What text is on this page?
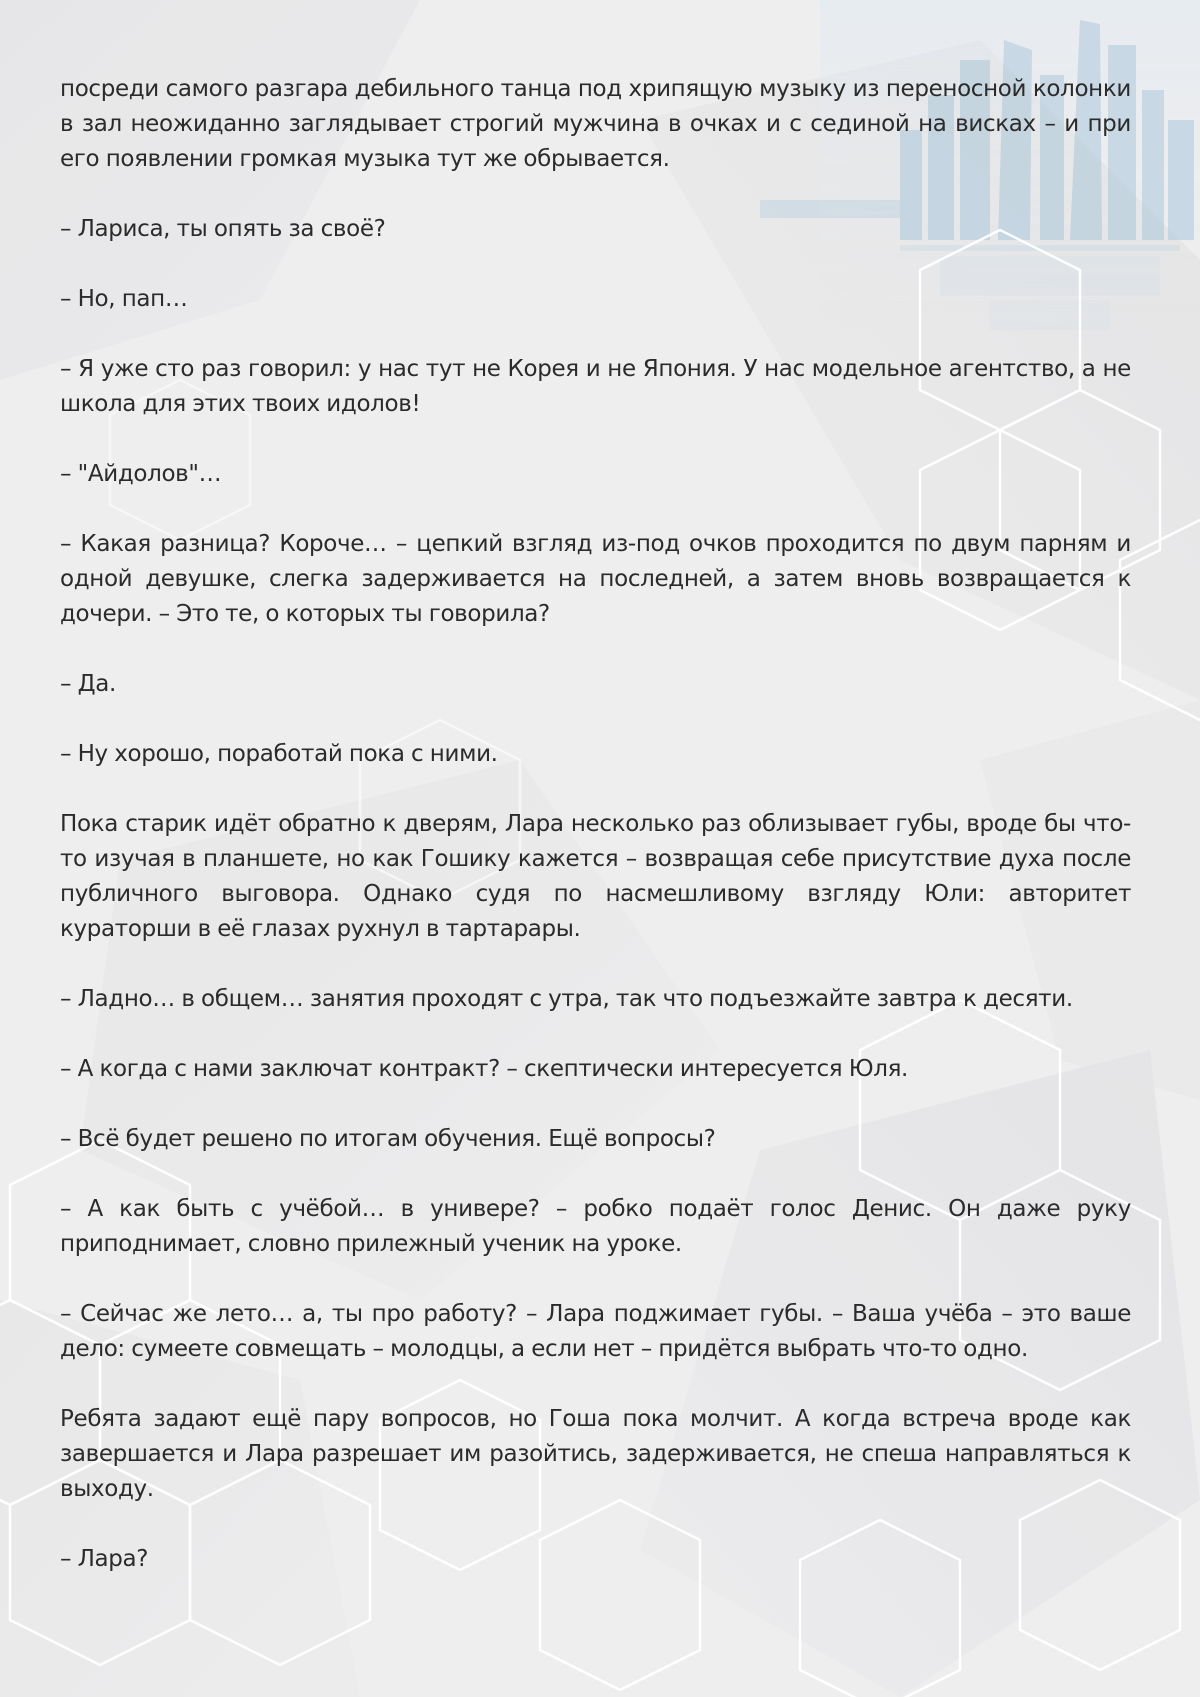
посреди самого разгара дебильного танца под хрипящую музыку из переносной колонки в зал неожиданно заглядывает строгий мужчина в очках и с сединой на висках – и при его появлении громкая музыка тут же обрывается.

– Лариса, ты опять за своё?

– Но, пап…

– Я уже сто раз говорил: у нас тут не Корея и не Япония. У нас модельное агентство, а не школа для этих твоих идолов!

– "Айдолов"…

– Какая разница? Короче… – цепкий взгляд из-под очков проходится по двум парням и одной девушке, слегка задерживается на последней, а затем вновь возвращается к дочери. – Это те, о которых ты говорила?

– Да.

– Ну хорошо, поработай пока с ними.

Пока старик идёт обратно к дверям, Лара несколько раз облизывает губы, вроде бы что-то изучая в планшете, но как Гошику кажется – возвращая себе присутствие духа после публичного выговора. Однако судя по насмешливому взгляду Юли: авторитет кураторши в её глазах рухнул в тартарары.

– Ладно… в общем… занятия проходят с утра, так что подъезжайте завтра к десяти.

– А когда с нами заключат контракт? – скептически интересуется Юля.

– Всё будет решено по итогам обучения. Ещё вопросы?

– А как быть с учёбой… в универе? – робко подаёт голос Денис. Он даже руку приподнимает, словно прилежный ученик на уроке.

– Сейчас же лето… а, ты про работу? – Лара поджимает губы. – Ваша учёба – это ваше дело: сумеете совмещать – молодцы, а если нет – придётся выбрать что-то одно.

Ребята задают ещё пару вопросов, но Гоша пока молчит. А когда встреча вроде как завершается и Лара разрешает им разойтись, задерживается, не спеша направляться к выходу.

– Лара?
